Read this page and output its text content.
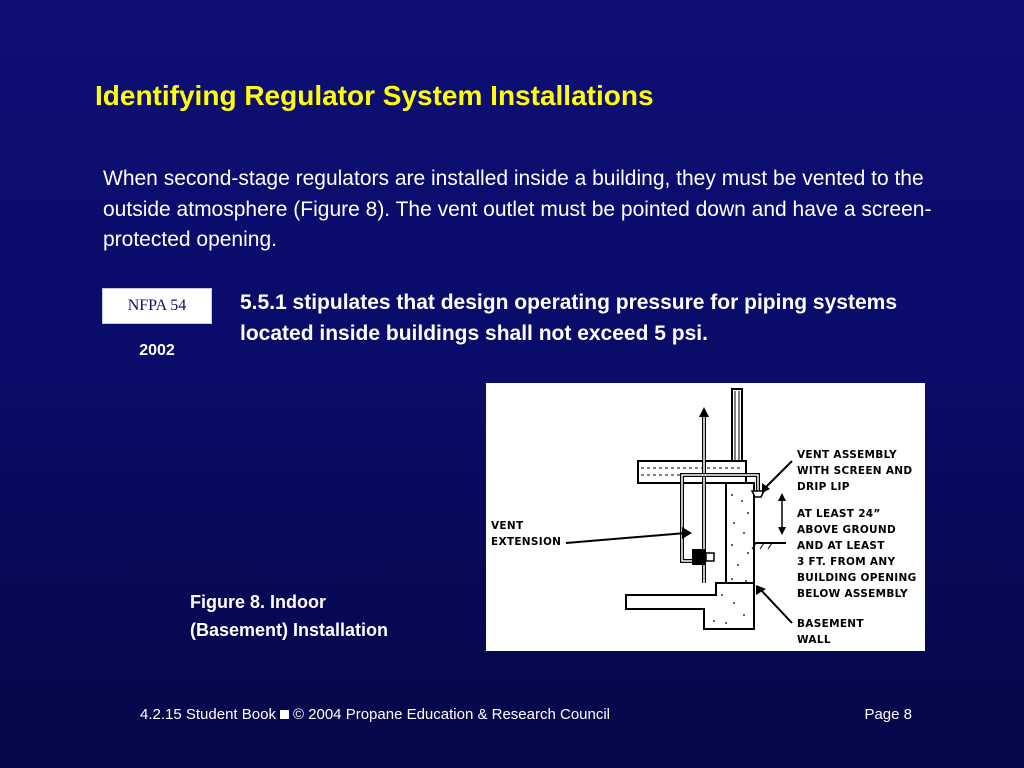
Identifying Regulator System Installations
When second-stage regulators are installed inside a building, they must be vented to the outside atmosphere (Figure 8). The vent outlet must be pointed down and have a screen-protected opening.
NFPA 54
2002
5.5.1 stipulates that design operating pressure for piping systems located inside buildings shall not exceed 5 psi.
VENT ASSEMBLY
WITH SCREEN AND
DRIP LIP
VENT
EXTENSION
AT LEAST 24”
ABOVE GROUND
AND AT LEAST
3 FT. FROM ANY
BUILDING OPENING
BELOW ASSEMBLY
BASEMENT
WALL
Figure 8. Indoor
(Basement) Installation
4.2.15 Student Book © 2004 Propane Education & Research Council	Page 8
